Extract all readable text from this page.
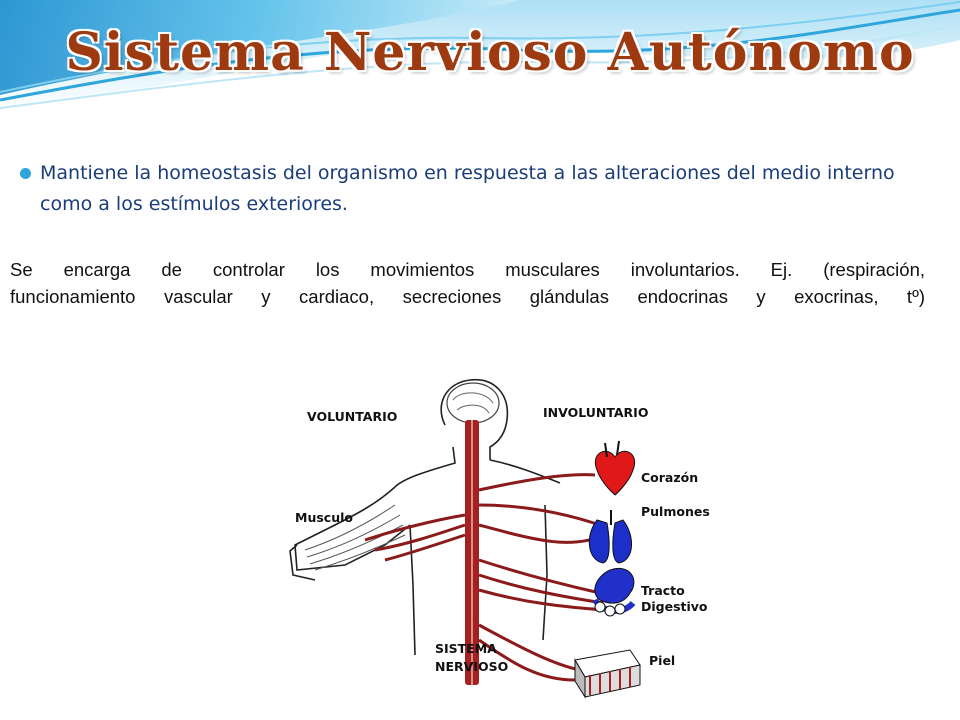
Sistema Nervioso Autónomo
Mantiene la homeostasis del organismo en respuesta a las alteraciones del medio interno como a los estímulos exteriores.
Se encarga de controlar los movimientos musculares involuntarios. Ej. (respiración,
funcionamiento vascular y cardiaco, secreciones glándulas endocrinas y exocrinas, tº)
VOLUNTARIO	INVOLUNTARIO
Musculo
Corazón
Pulmones
Tracto
Digestivo
Piel
SISTEMA
NERVIOSO
